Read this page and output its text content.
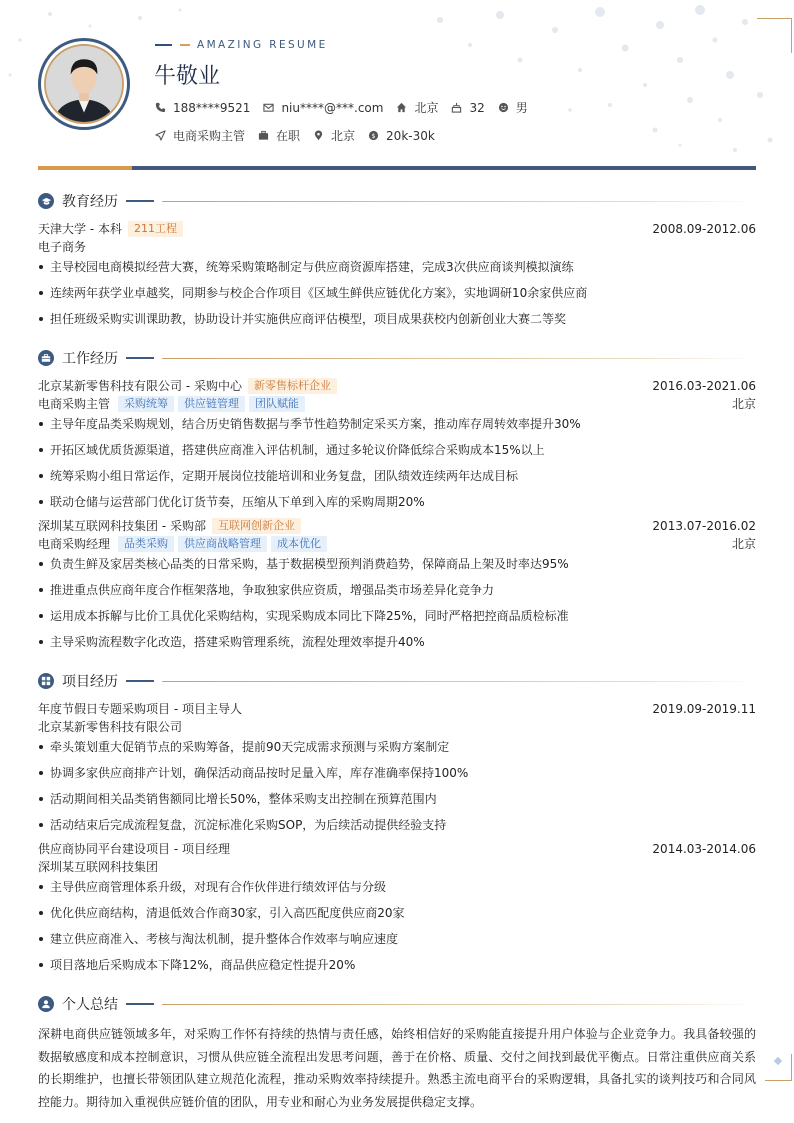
AMAZING RESUME
牛敬业
188****9521	niu****@***.com	北京	32	男
电商采购主管	在职	北京 $ 20k-30k
教育经历
天津大学 - 本科	211工程	2008.09-2012.06
电子商务
主导校园电商模拟经营大赛，统筹采购策略制定与供应商资源库搭建，完成3次供应商谈判模拟演练
连续两年获学业卓越奖，同期参与校企合作项目《区域生鲜供应链优化方案》，实地调研10余家供应商
担任班级采购实训课助教，协助设计并实施供应商评估模型，项目成果获校内创新创业大赛二等奖
工作经历
北京某新零售科技有限公司 - 采购中心	新零售标杆企业	2016.03-2021.06
电商采购主管	采购统筹	供应链管理	团队赋能	北京
主导年度品类采购规划，结合历史销售数据与季节性趋势制定采买方案，推动库存周转效率提升30%
开拓区域优质货源渠道，搭建供应商准入评估机制，通过多轮议价降低综合采购成本15%以上
统筹采购小组日常运作，定期开展岗位技能培训和业务复盘，团队绩效连续两年达成目标
联动仓储与运营部门优化订货节奏，压缩从下单到入库的采购周期20%
深圳某互联网科技集团 - 采购部	互联网创新企业	2013.07-2016.02
电商采购经理	品类采购	供应商战略管理	成本优化	北京
负责生鲜及家居类核心品类的日常采购，基于数据模型预判消费趋势，保障商品上架及时率达95%
推进重点供应商年度合作框架落地，争取独家供应资质，增强品类市场差异化竞争力
运用成本拆解与比价工具优化采购结构，实现采购成本同比下降25%，同时严格把控商品质检标准
主导采购流程数字化改造，搭建采购管理系统，流程处理效率提升40%
项目经历
年度节假日专题采购项目 - 项目主导人	2019.09-2019.11
北京某新零售科技有限公司
牵头策划重大促销节点的采购筹备，提前90天完成需求预测与采购方案制定
协调多家供应商排产计划，确保活动商品按时足量入库，库存准确率保持100%
活动期间相关品类销售额同比增长50%，整体采购支出控制在预算范围内
活动结束后完成流程复盘，沉淀标准化采购SOP，为后续活动提供经验支持
供应商协同平台建设项目 - 项目经理	2014.03-2014.06
深圳某互联网科技集团
主导供应商管理体系升级，对现有合作伙伴进行绩效评估与分级
优化供应商结构，清退低效合作商30家，引入高匹配度供应商20家
建立供应商准入、考核与淘汰机制，提升整体合作效率与响应速度
项目落地后采购成本下降12%，商品供应稳定性提升20%
个人总结
深耕电商供应链领域多年，对采购工作怀有持续的热情与责任感，始终相信好的采购能直接提升用户体验与企业竞争力。我具备较强的数据敏感度和成本控制意识，习惯从供应链全流程出发思考问题，善于在价格、质量、交付之间找到最优平衡点。日常注重供应商关系的长期维护，也擅长带领团队建立规范化流程，推动采购效率持续提升。熟悉主流电商平台的采购逻辑，具备扎实的谈判技巧和合同风控能力。期待加入重视供应链价值的团队，用专业和耐心为业务发展提供稳定支撑。
